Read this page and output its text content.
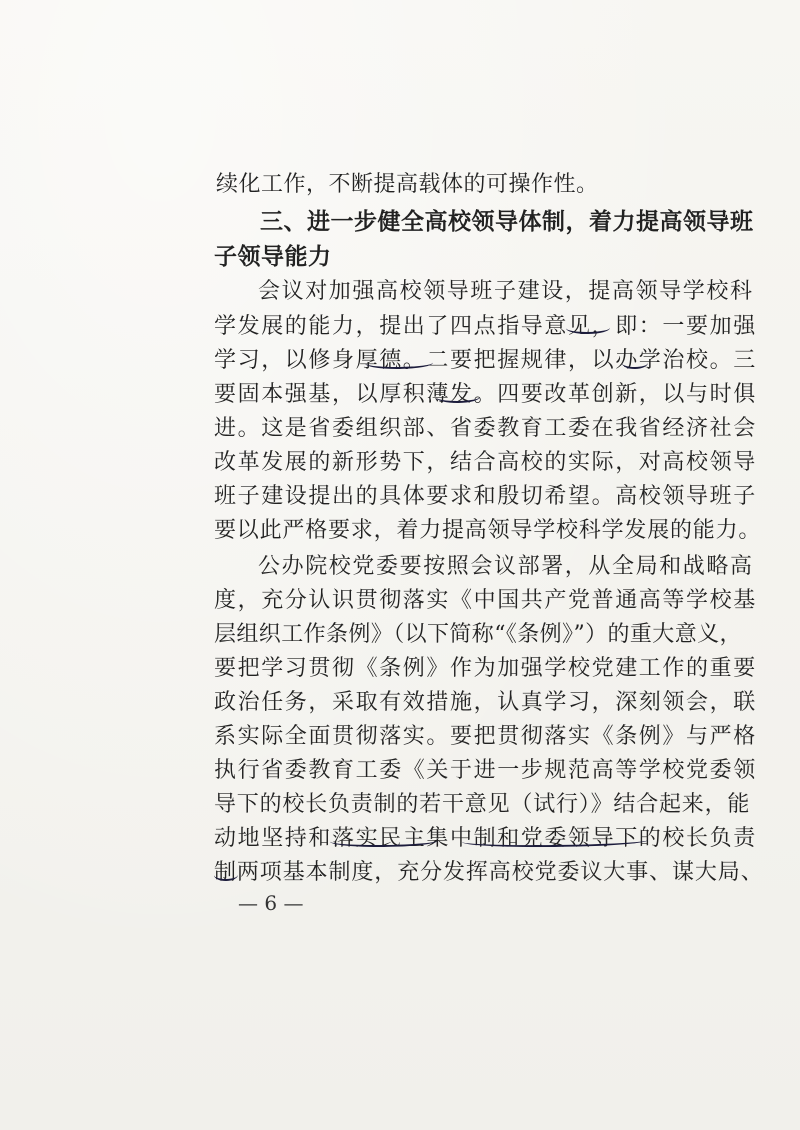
续化工作，不断提高载体的可操作性。
三、进一步健全高校领导体制，着力提高领导班
子领导能力
会议对加强高校领导班子建设，提高领导学校科
学发展的能力，提出了四点指导意见，即：一要加强
学习，以修身厚德。二要把握规律，以办学治校。三
要固本强基，以厚积薄发。四要改革创新，以与时俱
进。这是省委组织部、省委教育工委在我省经济社会
改革发展的新形势下，结合高校的实际，对高校领导
班子建设提出的具体要求和殷切希望。高校领导班子
要以此严格要求，着力提高领导学校科学发展的能力。
公办院校党委要按照会议部署，从全局和战略高
度，充分认识贯彻落实《中国共产党普通高等学校基
层组织工作条例》（以下简称“《条例》”）的重大意义，
要把学习贯彻《条例》作为加强学校党建工作的重要
政治任务，采取有效措施，认真学习，深刻领会，联
系实际全面贯彻落实。要把贯彻落实《条例》与严格
执行省委教育工委《关于进一步规范高等学校党委领
导下的校长负责制的若干意见（试行）》结合起来，能
动地坚持和落实民主集中制和党委领导下的校长负责
制两项基本制度，充分发挥高校党委议大事、谋大局、
— 6 —
